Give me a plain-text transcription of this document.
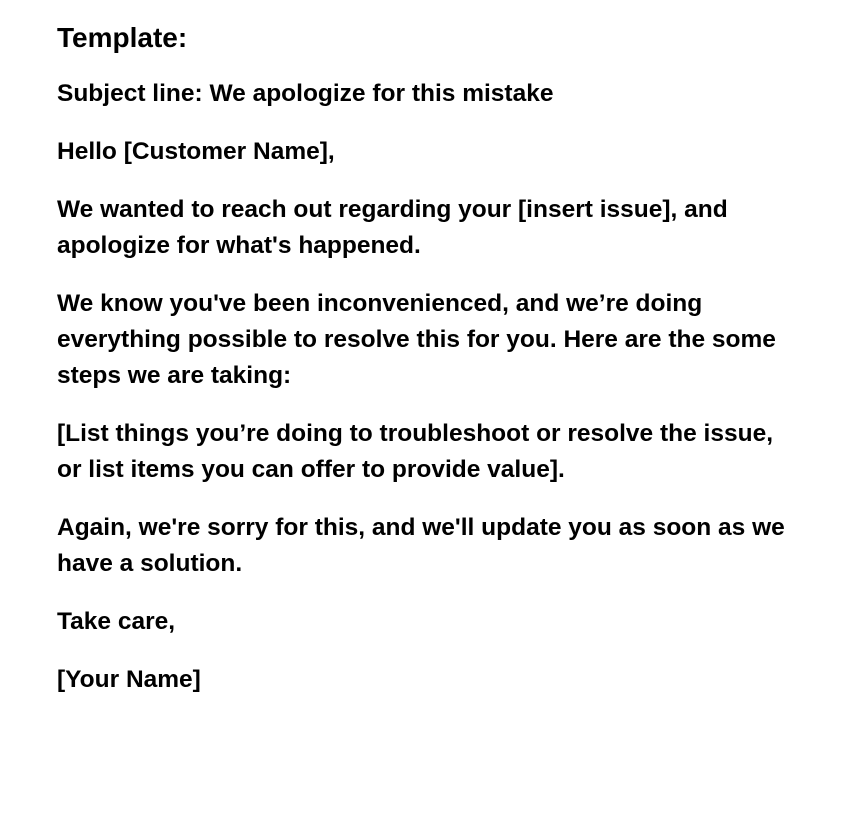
Template:
Subject line: We apologize for this mistake
Hello [Customer Name],
We wanted to reach out regarding your [insert issue], and apologize for what's happened.
We know you've been inconvenienced, and we’re doing everything possible to resolve this for you. Here are the some steps we are taking:
[List things you’re doing to troubleshoot or resolve the issue, or list items you can offer to provide value].
Again, we're sorry for this, and we'll update you as soon as we have a solution.
Take care,
[Your Name]
